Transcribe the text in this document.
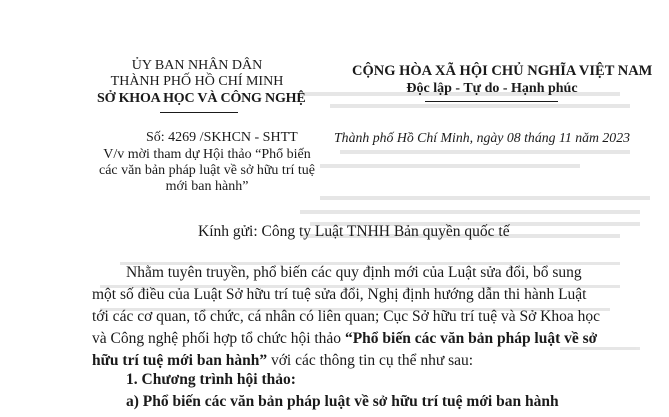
ỦY BAN NHÂN DÂN
THÀNH PHỐ HỒ CHÍ MINH
SỞ KHOA HỌC VÀ CÔNG NGHỆ
CỘNG HÒA XÃ HỘI CHỦ NGHĨA VIỆT NAM
Độc lập - Tự do - Hạnh phúc
Số: 4269 /SKHCN - SHTT
V/v mời tham dự Hội thảo “Phổ biến
các văn bản pháp luật về sở hữu trí tuệ
mới ban hành”
Thành phố Hồ Chí Minh, ngày 08 tháng 11 năm 2023
Kính gửi: Công ty Luật TNHH Bản quyền quốc tế
Nhằm tuyên truyền, phổ biến các quy định mới của Luật sửa đổi, bổ sung
một số điều của Luật Sở hữu trí tuệ sửa đổi, Nghị định hướng dẫn thi hành Luật
tới các cơ quan, tổ chức, cá nhân có liên quan; Cục Sở hữu trí tuệ và Sở Khoa học
và Công nghệ phối hợp tổ chức hội thảo “Phổ biến các văn bản pháp luật về sở
hữu trí tuệ mới ban hành” với các thông tin cụ thể như sau:
1. Chương trình hội thảo:
a) Phổ biến các văn bản pháp luật về sở hữu trí tuệ mới ban hành
